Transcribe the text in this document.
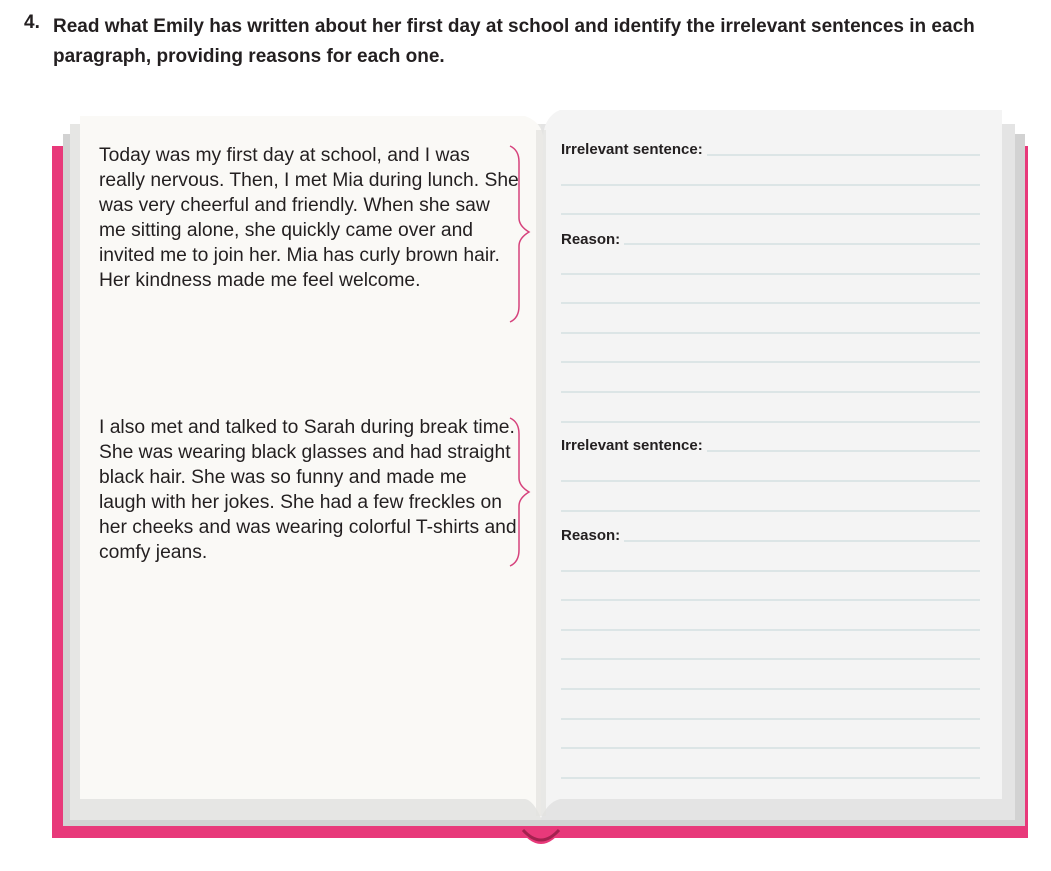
4. Read what Emily has written about her first day at school and identify the irrelevant sentences in each paragraph, providing reasons for each one.
Today was my first day at school, and I was really nervous. Then, I met Mia during lunch. She was very cheerful and friendly. When she saw me sitting alone, she quickly came over and invited me to join her. Mia has curly brown hair. Her kindness made me feel welcome.
I also met and talked to Sarah during break time. She was wearing black glasses and had straight black hair. She was so funny and made me laugh with her jokes. She had a few freckles on her cheeks and was wearing colorful T-shirts and comfy jeans.
Irrelevant sentence:
Reason:
Irrelevant sentence:
Reason:
